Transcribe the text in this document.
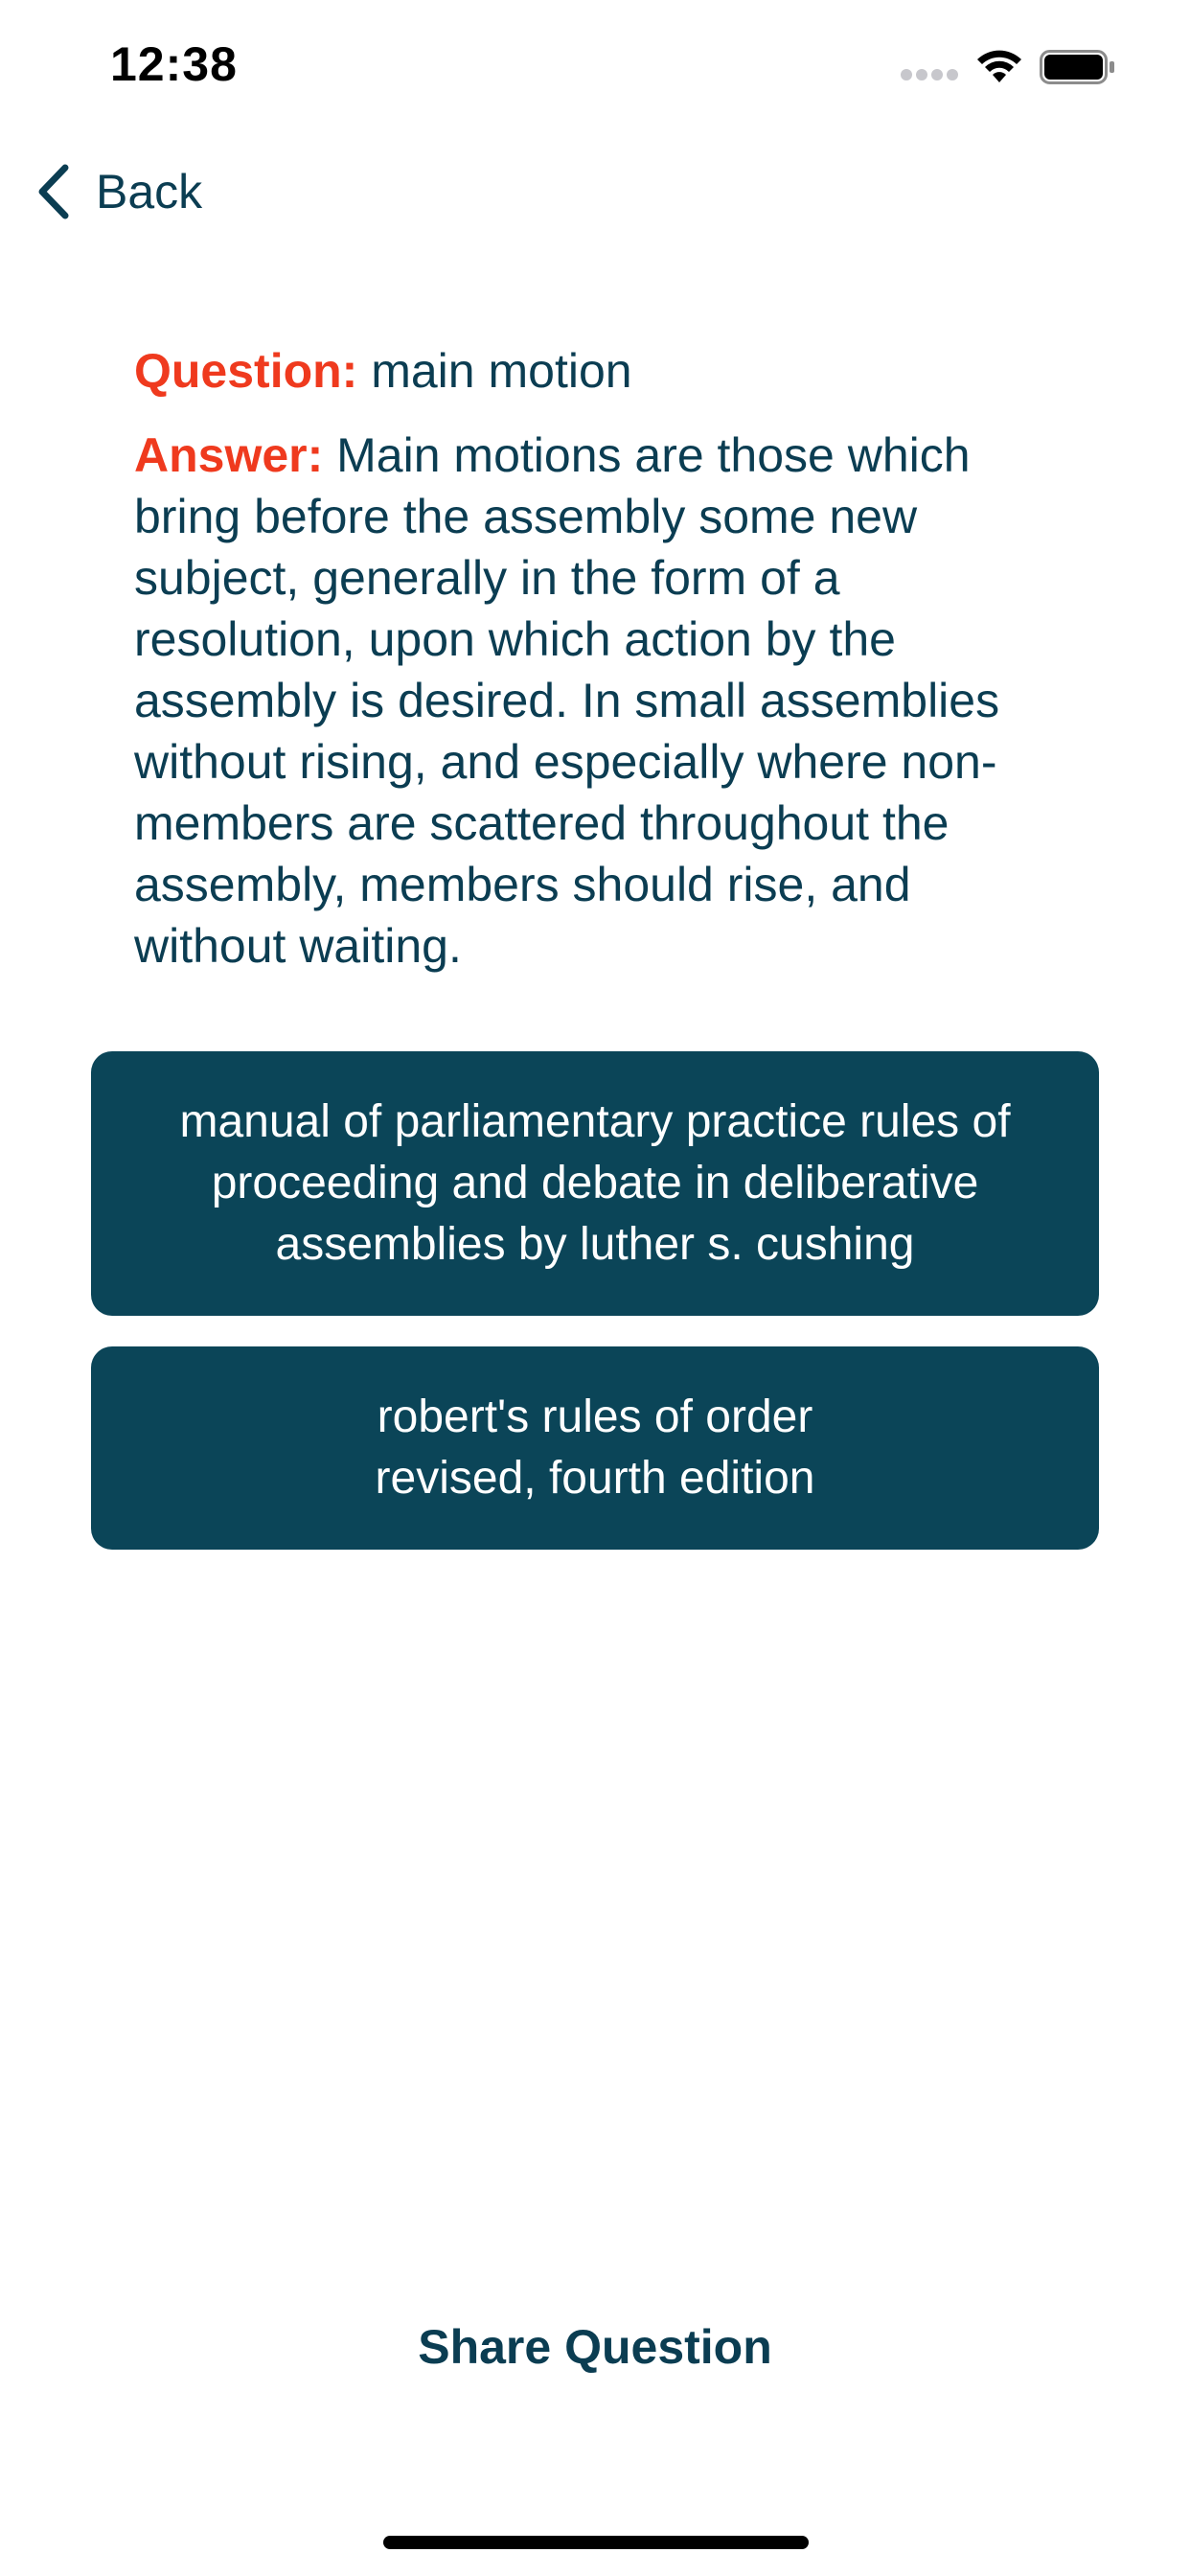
12:38
Back

Question: main motion

Answer: Main motions are those which bring before the assembly some new subject, generally in the form of a resolution, upon which action by the assembly is desired. In small assemblies without rising, and especially where non-members are scattered throughout the assembly, members should rise, and without waiting.

manual of parliamentary practice rules of proceeding and debate in deliberative assemblies by luther s. cushing
robert's rules of order revised, fourth edition
Share Question
